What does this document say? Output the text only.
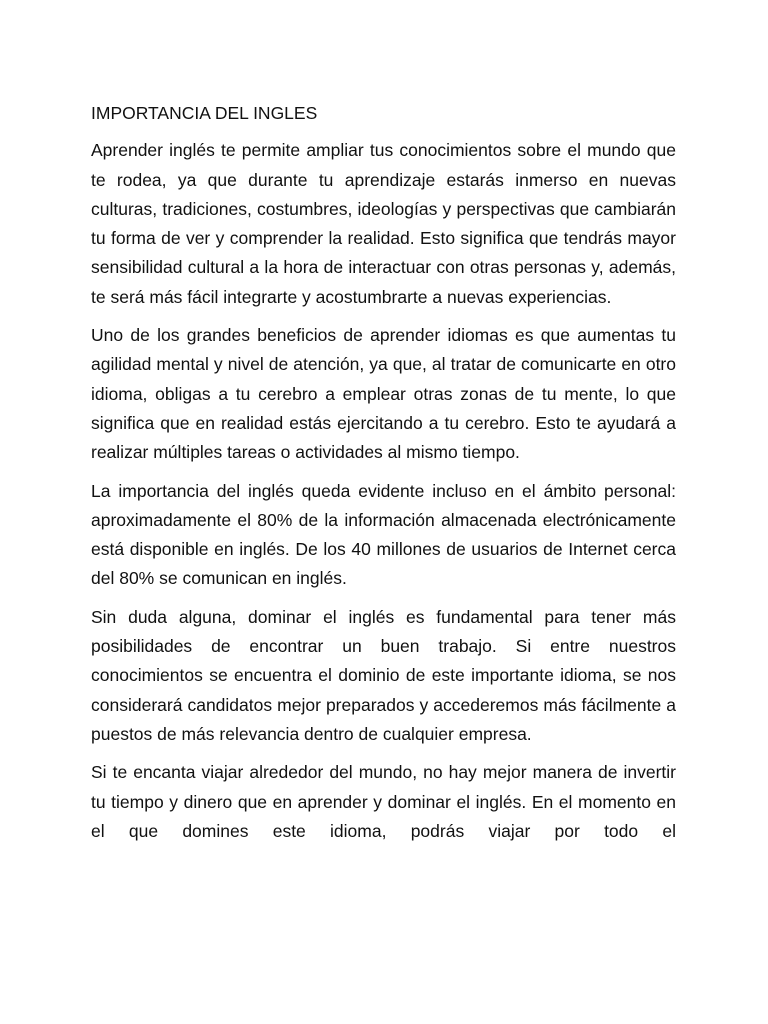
IMPORTANCIA DEL INGLES

Aprender inglés te permite ampliar tus conocimientos sobre el mundo que te rodea, ya que durante tu aprendizaje estarás inmerso en nuevas culturas, tradiciones, costumbres, ideologías y perspectivas que cambiarán tu forma de ver y comprender la realidad. Esto significa que tendrás mayor sensibilidad cultural a la hora de interactuar con otras personas y, además, te será más fácil integrarte y acostumbrarte a nuevas experiencias.

Uno de los grandes beneficios de aprender idiomas es que aumentas tu agilidad mental y nivel de atención, ya que, al tratar de comunicarte en otro idioma, obligas a tu cerebro a emplear otras zonas de tu mente, lo que significa que en realidad estás ejercitando a tu cerebro. Esto te ayudará a realizar múltiples tareas o actividades al mismo tiempo.

La importancia del inglés queda evidente incluso en el ámbito personal: aproximadamente el 80% de la información almacenada electrónicamente está disponible en inglés. De los 40 millones de usuarios de Internet cerca del 80% se comunican en inglés.

Sin duda alguna, dominar el inglés es fundamental para tener más posibilidades de encontrar un buen trabajo. Si entre nuestros conocimientos se encuentra el dominio de este importante idioma, se nos considerará candidatos mejor preparados y accederemos más fácilmente a puestos de más relevancia dentro de cualquier empresa.

Si te encanta viajar alrededor del mundo, no hay mejor manera de invertir tu tiempo y dinero que en aprender y dominar el inglés. En el momento en el que domines este idioma, podrás viajar por todo el
